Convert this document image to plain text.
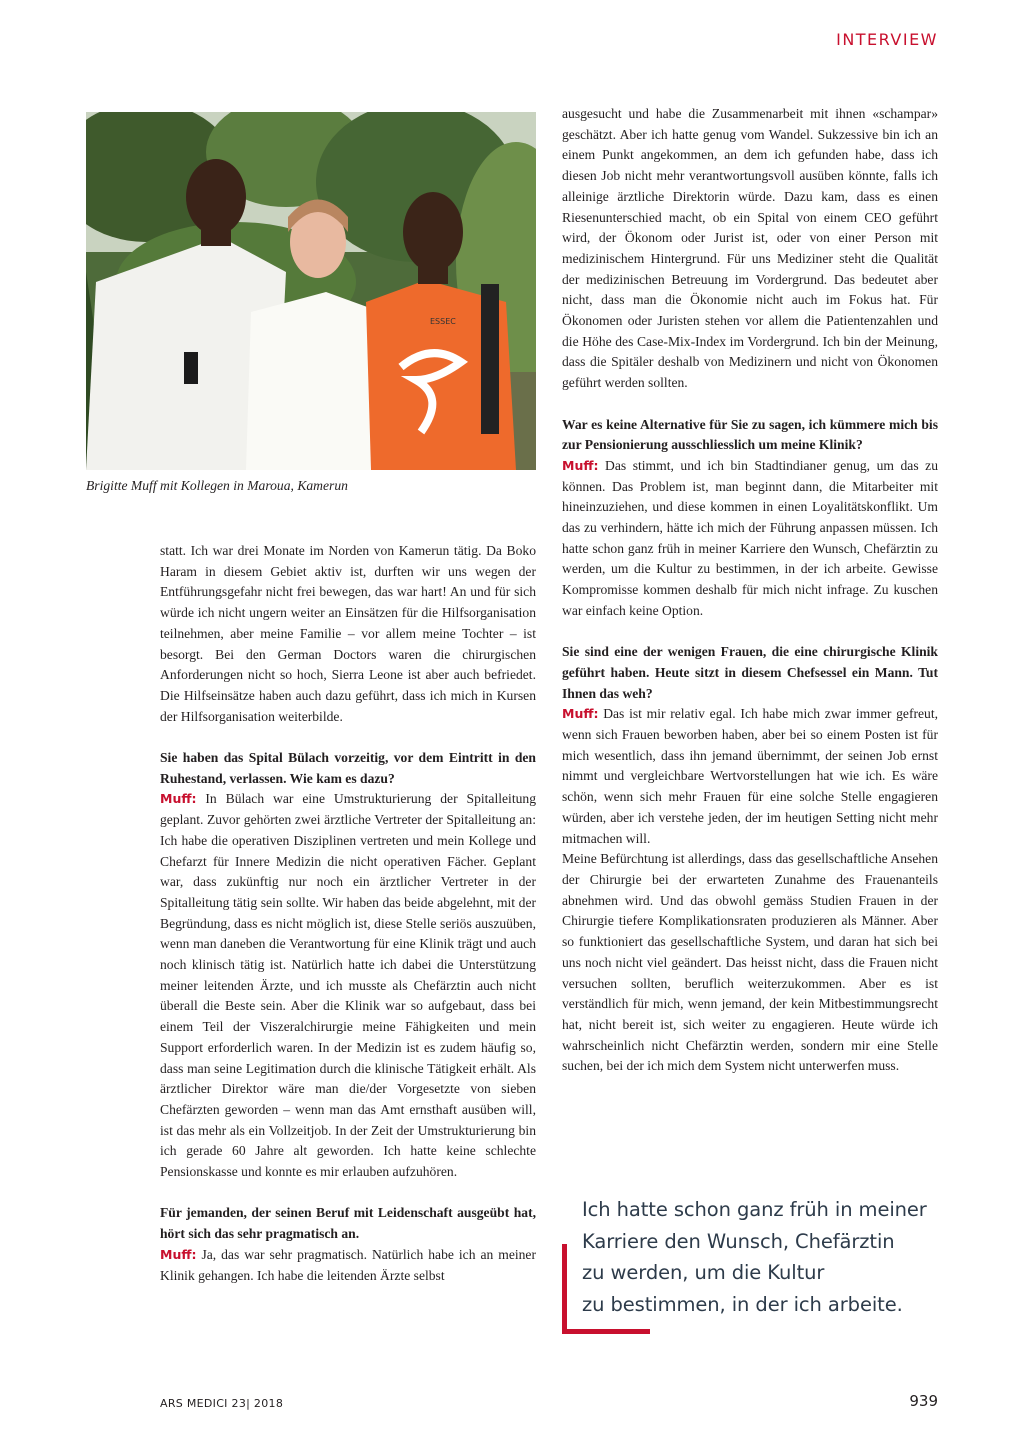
INTERVIEW
ESSEC
Brigitte Muff mit Kollegen in Maroua, Kamerun

statt. Ich war drei Monate im Norden von Kamerun tätig. Da Boko Haram in diesem Gebiet aktiv ist, durften wir uns wegen der Entführungsgefahr nicht frei bewegen, das war hart! An und für sich würde ich nicht ungern weiter an Einsätzen für die Hilfsorganisation teilnehmen, aber meine Familie – vor allem meine Tochter – ist besorgt. Bei den German Doctors waren die chirurgischen Anforderungen nicht so hoch, Sierra Leone ist aber auch befriedet. Die Hilfseinsätze haben auch dazu geführt, dass ich mich in Kursen der Hilfsorganisation weiterbilde.

Sie haben das Spital Bülach vorzeitig, vor dem Eintritt in den Ruhestand, verlassen. Wie kam es dazu?

Muff: In Bülach war eine Umstrukturierung der Spitalleitung geplant. Zuvor gehörten zwei ärztliche Vertreter der Spitalleitung an: Ich habe die operativen Disziplinen vertreten und mein Kollege und Chefarzt für Innere Medizin die nicht operativen Fächer. Geplant war, dass zukünftig nur noch ein ärztlicher Vertreter in der Spitalleitung tätig sein sollte. Wir haben das beide abgelehnt, mit der Begründung, dass es nicht möglich ist, diese Stelle seriös auszuüben, wenn man daneben die Verantwortung für eine Klinik trägt und auch noch klinisch tätig ist. Natürlich hatte ich dabei die Unterstützung meiner leitenden Ärzte, und ich musste als Chefärztin auch nicht überall die Beste sein. Aber die Klinik war so aufgebaut, dass bei einem Teil der Viszeralchirurgie meine Fähigkeiten und mein Support erforderlich waren. In der Medizin ist es zudem häufig so, dass man seine Legitimation durch die klinische Tätigkeit erhält. Als ärztlicher Direktor wäre man die/der Vorgesetzte von sieben Chefärzten geworden – wenn man das Amt ernsthaft ausüben will, ist das mehr als ein Vollzeitjob. In der Zeit der Umstrukturierung bin ich gerade 60 Jahre alt geworden. Ich hatte keine schlechte Pensionskasse und konnte es mir erlauben aufzuhören.

Für jemanden, der seinen Beruf mit Leidenschaft ausgeübt hat, hört sich das sehr pragmatisch an.

Muff: Ja, das war sehr pragmatisch. Natürlich habe ich an meiner Klinik gehangen. Ich habe die leitenden Ärzte selbst

ausgesucht und habe die Zusammenarbeit mit ihnen «schampar» geschätzt. Aber ich hatte genug vom Wandel. Sukzessive bin ich an einem Punkt angekommen, an dem ich gefunden habe, dass ich diesen Job nicht mehr verantwortungsvoll ausüben könnte, falls ich alleinige ärztliche Direktorin würde. Dazu kam, dass es einen Riesenunterschied macht, ob ein Spital von einem CEO geführt wird, der Ökonom oder Jurist ist, oder von einer Person mit medizinischem Hintergrund. Für uns Mediziner steht die Qualität der medizinischen Betreuung im Vordergrund. Das bedeutet aber nicht, dass man die Ökonomie nicht auch im Fokus hat. Für Ökonomen oder Juristen stehen vor allem die Patientenzahlen und die Höhe des Case-Mix-Index im Vordergrund. Ich bin der Meinung, dass die Spitäler deshalb von Medizinern und nicht von Ökonomen geführt werden sollten.

War es keine Alternative für Sie zu sagen, ich kümmere mich bis zur Pensionierung ausschliesslich um meine Klinik?

Muff: Das stimmt, und ich bin Stadtindianer genug, um das zu können. Das Problem ist, man beginnt dann, die Mitarbeiter mit hineinzuziehen, und diese kommen in einen Loyalitätskonflikt. Um das zu verhindern, hätte ich mich der Führung anpassen müssen. Ich hatte schon ganz früh in meiner Karriere den Wunsch, Chefärztin zu werden, um die Kultur zu bestimmen, in der ich arbeite. Gewisse Kompromisse kommen deshalb für mich nicht infrage. Zu kuschen war einfach keine Option.

Sie sind eine der wenigen Frauen, die eine chirurgische Klinik geführt haben. Heute sitzt in diesem Chefsessel ein Mann. Tut Ihnen das weh?

Muff: Das ist mir relativ egal. Ich habe mich zwar immer gefreut, wenn sich Frauen beworben haben, aber bei so einem Posten ist für mich wesentlich, dass ihn jemand übernimmt, der seinen Job ernst nimmt und vergleichbare Wertvorstellungen hat wie ich. Es wäre schön, wenn sich mehr Frauen für eine solche Stelle engagieren würden, aber ich verstehe jeden, der im heutigen Setting nicht mehr mitmachen will.

Meine Befürchtung ist allerdings, dass das gesellschaftliche Ansehen der Chirurgie bei der erwarteten Zunahme des Frauenanteils abnehmen wird. Und das obwohl gemäss Studien Frauen in der Chirurgie tiefere Komplikationsraten produzieren als Männer. Aber so funktioniert das gesellschaftliche System, und daran hat sich bei uns noch nicht viel geändert. Das heisst nicht, dass die Frauen nicht versuchen sollten, beruflich weiterzukommen. Aber es ist verständlich für mich, wenn jemand, der kein Mitbestimmungsrecht hat, nicht bereit ist, sich weiter zu engagieren. Heute würde ich wahrscheinlich nicht Chefärztin werden, sondern mir eine Stelle suchen, bei der ich mich dem System nicht unterwerfen muss.

Ich hatte schon ganz früh in meiner
Karriere den Wunsch, Chefärztin
zu werden, um die Kultur
zu bestimmen, in der ich arbeite.
ARS MEDICI 23| 2018	939
